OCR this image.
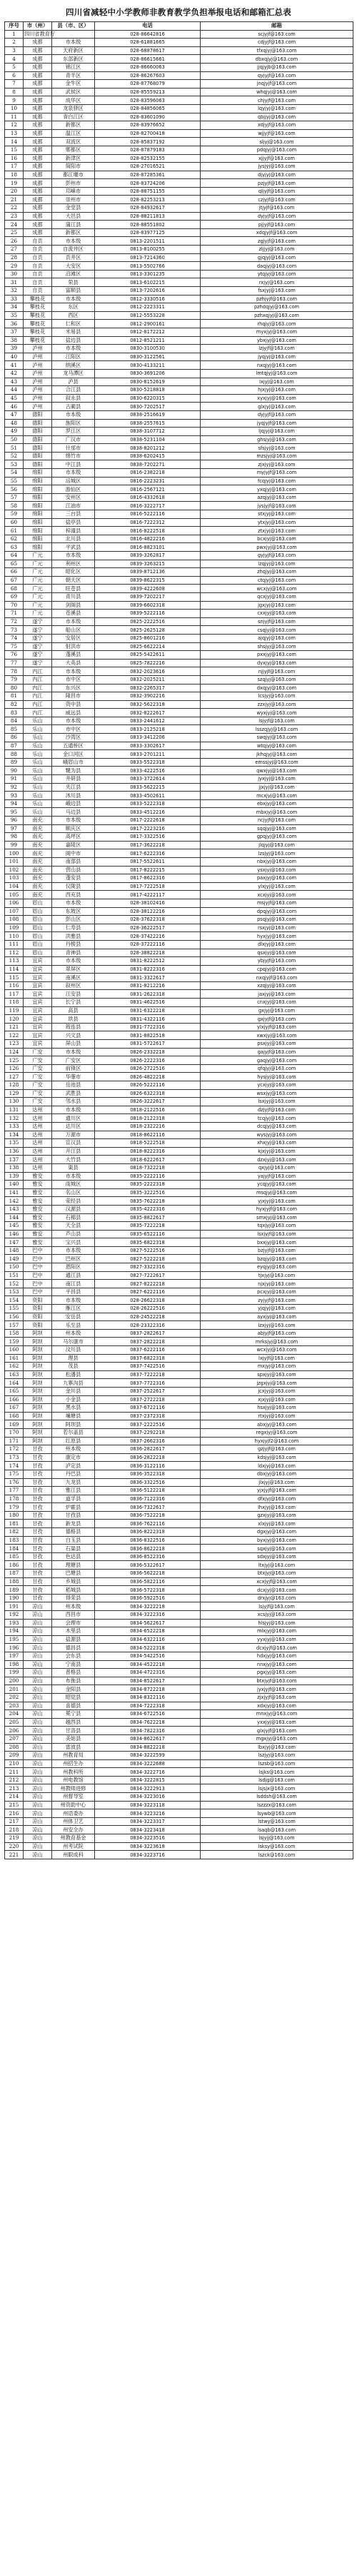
四川省减轻中小学教师非教育教学负担举报电话和邮箱汇总表
序号	市（州）	县（市、区）	电话	邮箱
1	四川省教育厅		028-86642816	scjyjf@163.com
2	成都	市本级	028-61881665	cdjyjf@163.com
3	成都	天府新区	028-68878617	tfxqjyj@163.com
4	成都	东部新区	028-86615661	dbxqjyj@163.com
5	成都	锦江区	028-86660063	jjqjyjb@163.com
6	成都	青羊区	028-86267603	qyjyjf@163.com
7	成都	金牛区	028-87768079	jnqjyjf@163.com
8	成都	武侯区	028-85559213	whqjyj@163.com
9	成都	成华区	028-83596063	chjyjf@163.com
10	成都	龙泉驿区	028-84856065	lqyjyj@163.com
11	成都	青白江区	028-83601090	qbjjyj@163.com
12	成都	新都区	028-83976652	xdjyjf@163.com
13	成都	温江区	028-82700418	wjjyjf@163.com
14	成都	双流区	028-85837192	sljyj@163.com
15	成都	郫都区	028-87879183	pdqjyj@163.com
16	成都	新津区	028-82532155	xjjyjf@163.com
17	成都	简阳市	028-27016521	jysjyj@163.com
18	成都	都江堰市	028-87285361	djyjyj@163.com
19	成都	彭州市	028-83724206	pzjyjf@163.com
20	成都	邛崃市	028-88751155	qljyjf@163.com
21	成都	崇州市	028-82253213	czjyjf@163.com
22	成都	金堂县	028-84932617	jtjyjf@163.com
23	成都	大邑县	028-88211813	dyjyjf@163.com
24	成都	蒲江县	028-88551802	pjjyjf@163.com
25	成都	新都区	028-83977125	xdqjyjf@163.com
26	自贡	市本级	0813-2201511	zgjyjf@163.com
27	自贡	自流井区	0813-8100255	zljjyj@163.com
28	自贡	贡井区	0813-7214360	gjqjyj@163.com
29	自贡	大安区	0813-5502766	daqjyj@163.com
30	自贡	沿滩区	0813-3301235	ytqjyj@163.com
31	自贡	荣县	0813-6102215	rxjyj@163.com
32	自贡	富顺县	0813-7202616	fsxjyj@163.com
33	攀枝花	市本级	0812-3330516	pzhjyjf@163.com
34	攀枝花	东区	0812-2223311	pzhdqjyj@163.com
35	攀枝花	西区	0812-5553228	pzhxqjyj@163.com
36	攀枝花	仁和区	0812-2900161	rhqjyj@163.com
37	攀枝花	米易县	0812-8172212	myxjyj@163.com
38	攀枝花	盐边县	0812-8521211	ybxjyj@163.com
39	泸州	市本级	0830-3100530	lzjyjf@163.com
40	泸州	江阳区	0830-3122561	jyqjyj@163.com
41	泸州	纳溪区	0830-4133211	nxqjyj@163.com
42	泸州	龙马潭区	0830-3691206	lmtqjyj@163.com
43	泸州	泸县	0830-8152619	lxjyj@163.com
44	泸州	合江县	0830-5218818	hjxjyj@163.com
45	泸州	叙永县	0830-6220315	xyxjyj@163.com
46	泸州	古蔺县	0830-7202517	glxjyj@163.com
47	德阳	市本级	0838-2516619	dyjyjf@163.com
48	德阳	旌阳区	0838-2557615	jyqjyjf@163.com
49	德阳	罗江区	0838-3107712	ljqjyj@163.com
50	德阳	广汉市	0838-5231104	ghsjyj@163.com
51	德阳	什邡市	0838-8201212	sfsjyj@163.com
52	德阳	绵竹市	0838-6202415	mzsjyj@163.com
53	德阳	中江县	0838-7202271	zjxjyj@163.com
54	绵阳	市本级	0816-2382218	myjyjf@163.com
55	绵阳	涪城区	0816-2223231	fcqjyj@163.com
56	绵阳	游仙区	0816-2567121	yxqjyj@163.com
57	绵阳	安州区	0816-4332618	azqjyj@163.com
58	绵阳	江油市	0816-3222717	jysjyjf@163.com
59	绵阳	三台县	0816-5222116	stxjyj@163.com
60	绵阳	盐亭县	0816-7222312	ytxjyj@163.com
61	绵阳	梓潼县	0816-8222518	ztxjyj@163.com
62	绵阳	北川县	0816-4822216	bcxjyj@163.com
63	绵阳	平武县	0816-8823101	pwxjyj@163.com
64	广元	市本级	0839-3262817	gyjyjf@163.com
65	广元	利州区	0839-3263215	lzqjyj@163.com
66	广元	昭化区	0839-8712136	zhqjyj@163.com
67	广元	朝天区	0839-8622315	ctqjyj@163.com
68	广元	旺苍县	0839-4222608	wcxjyj@163.com
69	广元	青川县	0839-7202217	qcxjyj@163.com
70	广元	剑阁县	0839-6602318	jgxjyj@163.com
71	广元	苍溪县	0839-5222116	cxxjyj@163.com
72	遂宁	市本级	0825-2222516	snjyjf@163.com
73	遂宁	船山区	0825-2625128	csqjyj@163.com
74	遂宁	安居区	0825-8601216	ajqjyj@163.com
75	遂宁	射洪市	0825-6622214	shsjyj@163.com
76	遂宁	蓬溪县	0825-5422611	pxxjyj@163.com
77	遂宁	大英县	0825-7822216	dyxjyj@163.com
78	内江	市本级	0832-2023616	njjyjf@163.com
79	内江	市中区	0832-2025211	szqjyj@163.com
80	内江	东兴区	0832-2265317	dxqjyj@163.com
81	内江	隆昌市	0832-3902216	lcsjyj@163.com
82	内江	资中县	0832-5622318	zzxjyj@163.com
83	内江	威远县	0832-8222617	wyxjyj@163.com
84	乐山	市本级	0833-2441612	lsjyjf@163.com
85	乐山	市中区	0833-2125218	lsszqjyj@163.com
86	乐山	沙湾区	0833-3412206	swqjyj@163.com
87	乐山	五通桥区	0833-3302617	wtqjyj@163.com
88	乐山	金口河区	0833-2701211	jkhqjyj@163.com
89	乐山	峨眉山市	0833-5522318	emssjyj@163.com
90	乐山	犍为县	0833-4222516	qwxjyj@163.com
91	乐山	井研县	0833-3722614	jyxjyj@163.com
92	乐山	夹江县	0833-5622215	jjxjyj@163.com
93	乐山	沐川县	0833-4502611	mcxjyj@163.com
94	乐山	峨边县	0833-5222318	ebxjyj@163.com
95	乐山	马边县	0833-4512216	mbxjyj@163.com
96	南充	市本级	0817-2222618	ncjyjf@163.com
97	南充	顺庆区	0817-2223216	sqqjyj@163.com
98	南充	高坪区	0817-3322516	gpqjyj@163.com
99	南充	嘉陵区	0817-3622218	jlqjyj@163.com
100	南充	阆中市	0817-6222316	lzsjyj@163.com
101	南充	南部县	0817-5522611	nbxjyj@163.com
102	南充	营山县	0817-8222215	ysxjyj@163.com
103	南充	蓬安县	0817-8622316	paxjyj@163.com
104	南充	仪陇县	0817-7222518	ylxjyj@163.com
105	南充	西充县	0817-4222117	xcxjyj@163.com
106	眉山	市本级	028-38102416	msjyjf@163.com
107	眉山	东坡区	028-38122216	dpqjyj@163.com
108	眉山	彭山区	028-37622318	psqjyj@163.com
109	眉山	仁寿县	028-36222517	rsxjyj@163.com
110	眉山	洪雅县	028-37422216	hyxjyj@163.com
111	眉山	丹棱县	028-37222116	dlxjyj@163.com
112	眉山	青神县	028-38822218	qsxjyj@163.com
113	宜宾	市本级	0831-8222512	ybjyjf@163.com
114	宜宾	翠屏区	0831-8222316	cpqjyj@163.com
115	宜宾	南溪区	0831-3322617	nxqjyjf@163.com
116	宜宾	叙州区	0831-8212216	xzqjyj@163.com
117	宜宾	江安县	0831-2622318	jaxjyj@163.com
118	宜宾	长宁县	0831-4622516	cnxjyj@163.com
119	宜宾	高县	0831-6322218	gxjyj@163.com
120	宜宾	珙县	0831-4322116	gxjyjf@163.com
121	宜宾	筠连县	0831-7722316	ylxjyjf@163.com
122	宜宾	兴文县	0831-8822518	xwxjyj@163.com
123	宜宾	屏山县	0831-5722617	psxjyj@163.com
124	广安	市本级	0826-2332218	gajyjf@163.com
125	广安	广安区	0826-2222316	gaqjyj@163.com
126	广安	前锋区	0826-2722516	qfqjyj@163.com
127	广安	华蓥市	0826-4822218	hysjyj@163.com
128	广安	岳池县	0826-5222116	ycxjyj@163.com
129	广安	武胜县	0826-6322318	wsxjyj@163.com
130	广安	邻水县	0826-3222617	lsxjyj@163.com
131	达州	市本级	0818-2122516	dzjyjf@163.com
132	达州	通川区	0818-2122318	tcqjyj@163.com
133	达州	达川区	0818-2322216	dcqjyj@163.com
134	达州	万源市	0818-8622116	wysjyj@163.com
135	达州	宣汉县	0818-5222518	xhxjyj@163.com
136	达州	开江县	0818-8222316	kjxjyj@163.com
137	达州	大竹县	0818-6222617	dzxjyj@163.com
138	达州	渠县	0818-7322218	qxjyj@163.com
139	雅安	市本级	0835-2222116	yajyjf@163.com
140	雅安	雨城区	0835-2222318	ycqjyj@163.com
141	雅安	名山区	0835-3222516	msqjyj@163.com
142	雅安	荥经县	0835-7622218	yjxjyj@163.com
143	雅安	汉源县	0835-4222316	hyxjyjf@163.com
144	雅安	石棉县	0835-8822617	smxjyj@163.com
145	雅安	天全县	0835-7222218	tqxjyj@163.com
146	雅安	芦山县	0835-6522116	lsxjyjf@163.com
147	雅安	宝兴县	0835-6822318	bxxjyj@163.com
148	巴中	市本级	0827-5222516	bzjyjf@163.com
149	巴中	巴州区	0827-5222218	bzqjyj@163.com
150	巴中	恩阳区	0827-3322316	eyqjyj@163.com
151	巴中	通江县	0827-7222617	tjxjyj@163.com
152	巴中	南江县	0827-8222218	njxjyj@163.com
153	巴中	平昌县	0827-6222116	pcxjyj@163.com
154	资阳	市本级	028-26622318	zyjyjf@163.com
155	资阳	雁江区	028-26222516	yjqjyj@163.com
156	资阳	安岳县	028-24522218	ayxjyj@163.com
157	资阳	乐至县	028-23322316	lzxjyj@163.com
158	阿坝	州本级	0837-2822617	abjyjf@163.com
159	阿坝	马尔康市	0837-2822218	mrksjyj@163.com
160	阿坝	汶川县	0837-6222116	wcxjyj@163.com
161	阿坝	理县	0837-6822318	lxjyjf@163.com
162	阿坝	茂县	0837-7422516	mxjyj@163.com
163	阿坝	松潘县	0837-7222218	spxjyj@163.com
164	阿坝	九寨沟县	0837-7722316	jzgxjyj@163.com
165	阿坝	金川县	0837-2522617	jcxjyj@163.com
166	阿坝	小金县	0837-2722218	xjxjyj@163.com
167	阿坝	黑水县	0837-6722116	hsxjyj@163.com
168	阿坝	壤塘县	0837-2372318	rtxjyj@163.com
169	阿坝	阿坝县	0837-2222516	abxjyj@163.com
170	阿坝	若尔盖县	0837-2292218	regxjyj@163.com
171	阿坝	红原县	0837-2662316	hyxjyjf2@163.com
172	甘孜	州本级	0836-2822617	gzjyjf@163.com
173	甘孜	康定市	0836-2822218	kdsjyj@163.com
174	甘孜	泸定县	0836-3122116	ldxjyj@163.com
175	甘孜	丹巴县	0836-3522318	dbxjyj@163.com
176	甘孜	九龙县	0836-3322516	jlxjyj@163.com
177	甘孜	雅江县	0836-5122218	yjxjyjf@163.com
178	甘孜	道孚县	0836-7122316	dfxjyj@163.com
179	甘孜	炉霍县	0836-7322617	lhxjyj@163.com
180	甘孜	甘孜县	0836-7522218	gzxjyj@163.com
181	甘孜	新龙县	0836-7622116	xlxjyj@163.com
182	甘孜	德格县	0836-8222318	dgxjyj@163.com
183	甘孜	白玉县	0836-8322516	byxjyj@163.com
184	甘孜	石渠县	0836-8622218	sqxjyj@163.com
185	甘孜	色达县	0836-8522316	sdxjyj@163.com
186	甘孜	理塘县	0836-5322617	ltxjyj@163.com
187	甘孜	巴塘县	0836-5622218	btxjyj@163.com
188	甘孜	乡城县	0836-5822116	xcxjyjf@163.com
189	甘孜	稻城县	0836-5722318	dcxjyj@163.com
190	甘孜	得荣县	0836-5922516	drxjyj@163.com
191	凉山	州本级	0834-3222218	lsjyjf@163.com
192	凉山	西昌市	0834-3222316	xcsjyj@163.com
193	凉山	会理市	0834-5622617	hlsjyj@163.com
194	凉山	木里县	0834-6522218	mlxjyj@163.com
195	凉山	盐源县	0834-6322116	yyxjyj@163.com
196	凉山	德昌县	0834-5222318	dcxjyjf@163.com
197	凉山	会东县	0834-5422516	hdxjyj@163.com
198	凉山	宁南县	0834-4522218	nnxjyj@163.com
199	凉山	普格县	0834-4722316	pgxjyj@163.com
200	凉山	布拖县	0834-8522617	btxjyjf@163.com
201	凉山	金阳县	0834-8722218	jyxjyjf@163.com
202	凉山	昭觉县	0834-8322116	zjxjyjf@163.com
203	凉山	喜德县	0834-7222318	xdxjyj@163.com
204	凉山	冕宁县	0834-6722516	mnxjyj@163.com
205	凉山	越西县	0834-7622218	yxxjyj@163.com
206	凉山	甘洛县	0834-7822316	glxjyjf@163.com
207	凉山	美姑县	0834-8622617	mgxjyj@163.com
208	凉山	雷波县	0834-8822218	lbxjyj@163.com
209	凉山	州教育局	0834-3222599	lszjyj@163.com
210	凉山	州招生办	0834-3222688	lszsb@163.com
211	凉山	州教科所	0834-3222716	lsjks@163.com
212	凉山	州电教馆	0834-3222815	lsdjg@163.com
213	凉山	州教师进修	0834-3222913	lsjsjx@163.com
214	凉山	州督导室	0834-3223016	lsddsh@163.com
215	凉山	州资助中心	0834-3223118	lszzzx@163.com
216	凉山	州语委办	0834-3223216	lsywb@163.com
217	凉山	州体卫艺	0834-3223317	lstwy@163.com
218	凉山	州安全办	0834-3223418	lsaqb@163.com
219	凉山	州教育基金	0834-3223516	lsjyjj@163.com
220	凉山	州考试院	0834-3223618	lsksy@163.com
221	凉山	州职成科	0834-3223716	lszck@163.com
